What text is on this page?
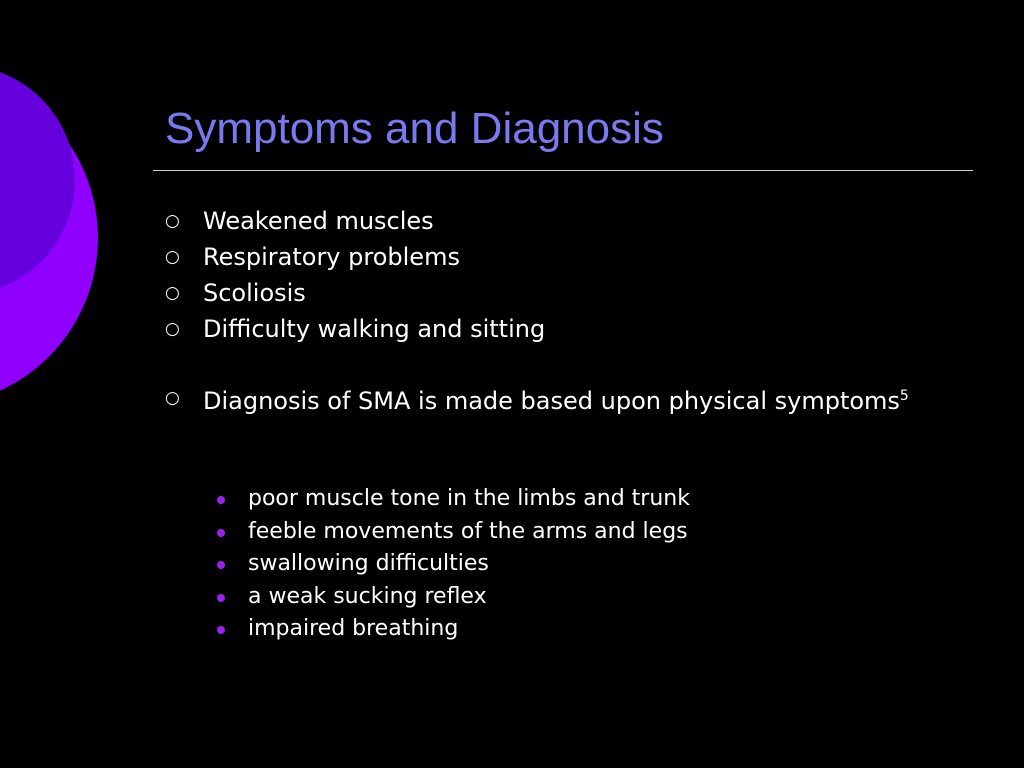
Symptoms and Diagnosis
○ Weakened muscles
○ Respiratory problems
○ Scoliosis
○ Difficulty walking and sitting
○ Diagnosis of SMA is made based upon physical symptoms$^5$
poor muscle tone in the limbs and trunk
feeble movements of the arms and legs
swallowing difficulties
a weak sucking reflex
impaired breathing
